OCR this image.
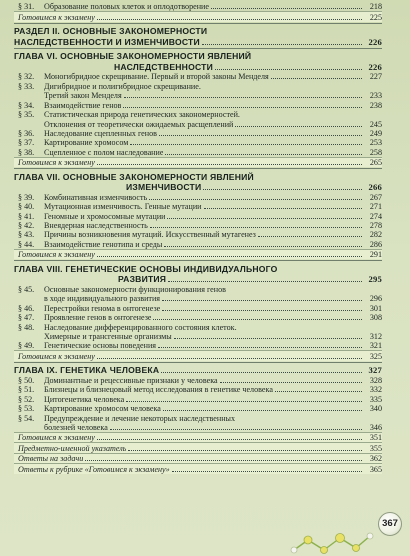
§ 31.	Образование половых клеток и оплодотворение	218
Готовимся к экзамену	225
РАЗДЕЛ II. ОСНОВНЫЕ ЗАКОНОМЕРНОСТИ
НАСЛЕДСТВЕННОСТИ И ИЗМЕНЧИВОСТИ	226
ГЛАВА VI. ОСНОВНЫЕ ЗАКОНОМЕРНОСТИ ЯВЛЕНИЙ
НАСЛЕДСТВЕННОСТИ	226
§ 32.	Моногибридное скрещивание. Первый и второй законы Менделя	227
§ 33.	Дигибридное и полигибридное скрещивание.
Третий закон Менделя	233
§ 34.	Взаимодействие генов	238
§ 35.	Статистическая природа генетических закономерностей.
Отклонения от теоретически ожидаемых расщеплений	245
§ 36.	Наследование сцепленных генов	249
§ 37.	Картирование хромосом	253
§ 38.	Сцепленное с полом наследование	258
Готовимся к экзамену	265
ГЛАВА VII. ОСНОВНЫЕ ЗАКОНОМЕРНОСТИ ЯВЛЕНИЙ
ИЗМЕНЧИВОСТИ	266
§ 39.	Комбинативная изменчивость	267
§ 40.	Мутационная изменчивость. Генные мутации	271
§ 41.	Геномные и хромосомные мутации	274
§ 42.	Внеядерная наследственность	278
§ 43.	Причины возникновения мутаций. Искусственный мутагенез	282
§ 44.	Взаимодействие генотипа и среды	286
Готовимся к экзамену	291
ГЛАВА VIII. ГЕНЕТИЧЕСКИЕ ОСНОВЫ ИНДИВИДУАЛЬНОГО
РАЗВИТИЯ	295
§ 45.	Основные закономерности функционирования генов
в ходе индивидуального развития	296
§ 46.	Перестройки генома в онтогенезе	301
§ 47.	Проявление генов в онтогенезе	308
§ 48.	Наследование дифференцированного состояния клеток.
Химерные и трансгенные организмы	312
§ 49.	Генетические основы поведения	321
Готовимся к экзамену	325
ГЛАВА IX. ГЕНЕТИКА ЧЕЛОВЕКА	327
§ 50.	Доминантные и рецессивные признаки у человека	328
§ 51.	Близнецы и близнецовый метод исследования в генетике человека	332
§ 52.	Цитогенетика человека	335
§ 53.	Картирование хромосом человека	340
§ 54.	Предупреждение и лечение некоторых наследственных
болезней человека	346
Готовимся к экзамену	351
Предметно-именной указатель	355
Ответы на задачи	362
Ответы к рубрике «Готовимся к экзамену»	365
367
